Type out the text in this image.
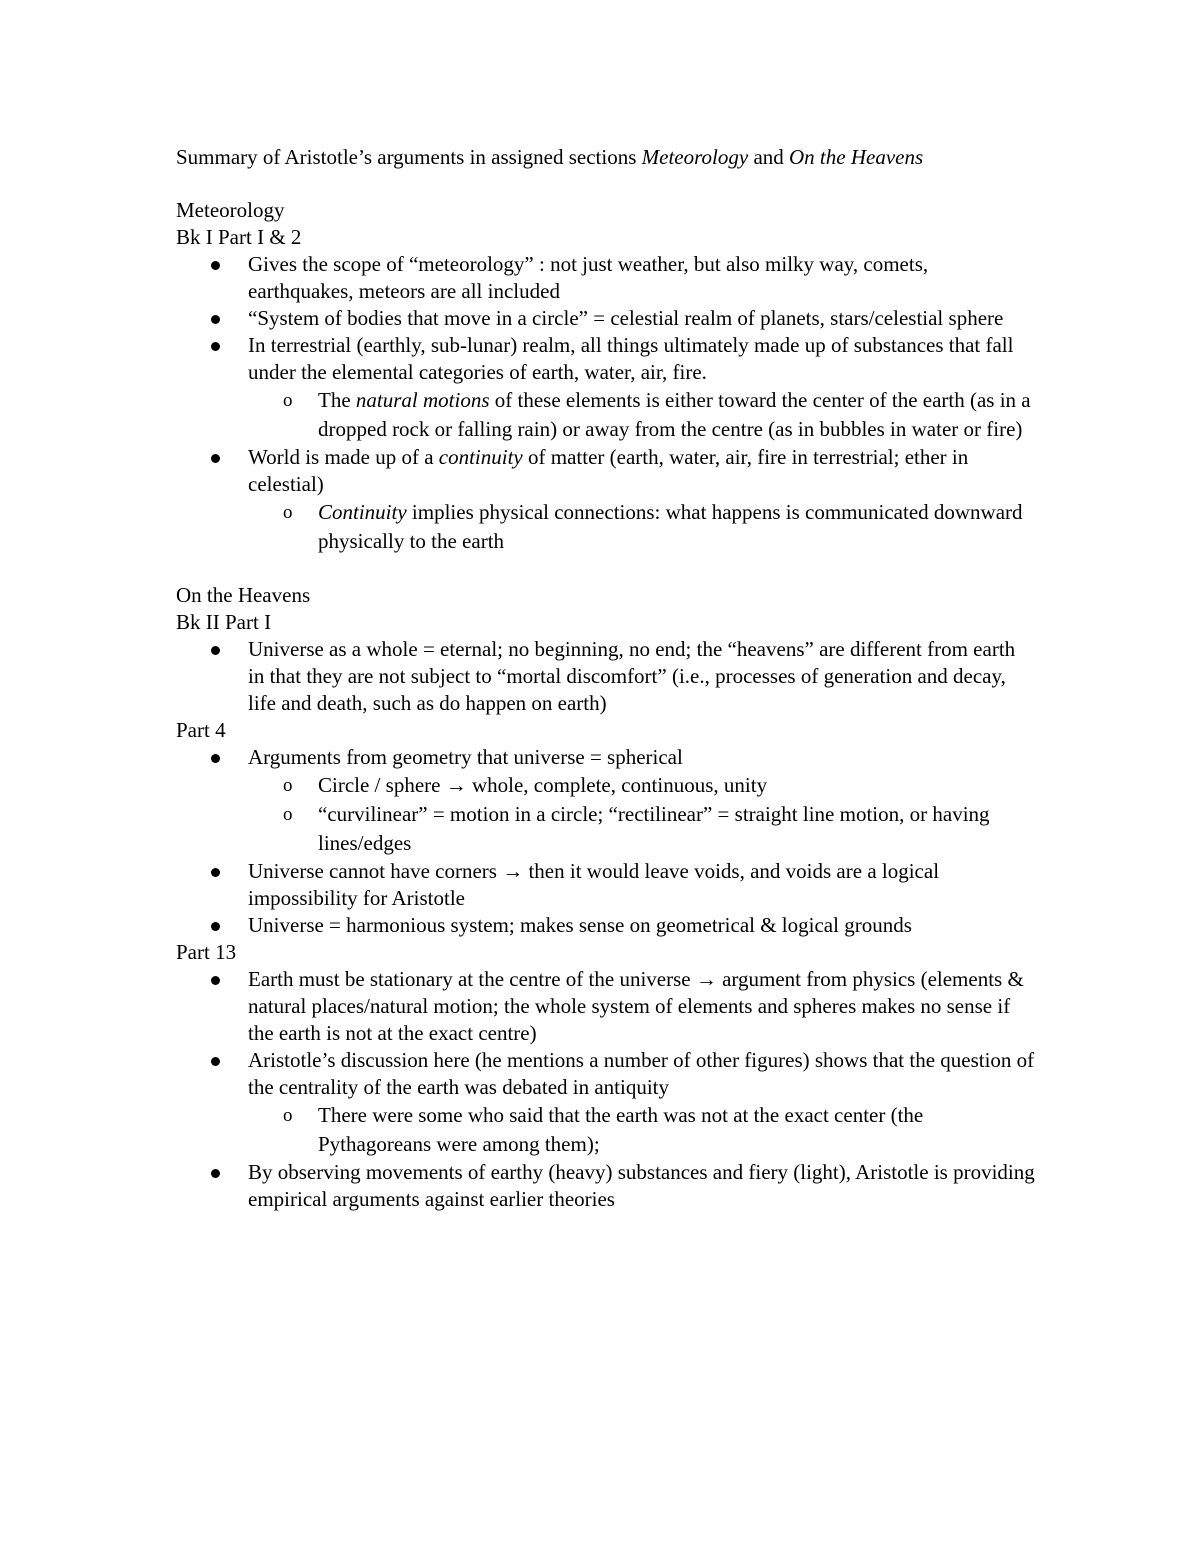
Summary of Aristotle’s arguments in assigned sections Meteorology and On the Heavens

Meteorology
Bk I Part I & 2
Gives the scope of “meteorology” : not just weather, but also milky way, comets, earthquakes, meteors are all included
“System of bodies that move in a circle” = celestial realm of planets, stars/celestial sphere
In terrestrial (earthly, sub-lunar) realm, all things ultimately made up of substances that fall under the elemental categories of earth, water, air, fire.
o The natural motions of these elements is either toward the center of the earth (as in a dropped rock or falling rain) or away from the centre (as in bubbles in water or fire)
World is made up of a continuity of matter (earth, water, air, fire in terrestrial; ether in celestial)
o Continuity implies physical connections: what happens is communicated downward physically to the earth
On the Heavens
Bk II Part I
Universe as a whole = eternal; no beginning, no end; the “heavens” are different from earth in that they are not subject to “mortal discomfort” (i.e., processes of generation and decay, life and death, such as do happen on earth)
Part 4
Arguments from geometry that universe = spherical
o Circle / sphere → whole, complete, continuous, unity
o “curvilinear” = motion in a circle; “rectilinear” = straight line motion, or having lines/edges
Universe cannot have corners → then it would leave voids, and voids are a logical impossibility for Aristotle
Universe = harmonious system; makes sense on geometrical & logical grounds
Part 13
Earth must be stationary at the centre of the universe → argument from physics (elements & natural places/natural motion; the whole system of elements and spheres makes no sense if the earth is not at the exact centre)
Aristotle’s discussion here (he mentions a number of other figures) shows that the question of the centrality of the earth was debated in antiquity
o There were some who said that the earth was not at the exact center (the Pythagoreans were among them);
By observing movements of earthy (heavy) substances and fiery (light), Aristotle is providing empirical arguments against earlier theories
